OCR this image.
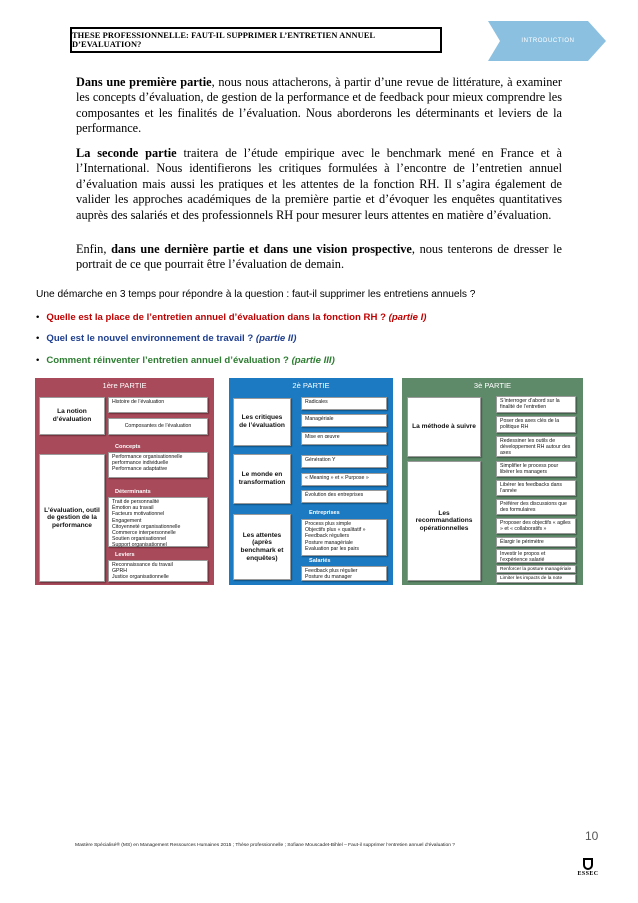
THESE PROFESSIONNELLE: FAUT-IL SUPPRIMER L’ENTRETIEN ANNUEL D’EVALUATION?	INTRODUCTION
Dans une première partie, nous nous attacherons, à partir d’une revue de littérature, à examiner les concepts d’évaluation, de gestion de la performance et de feedback pour mieux comprendre les composantes et les finalités de l’évaluation. Nous aborderons les déterminants et leviers de la performance.
La seconde partie traitera de l’étude empirique avec le benchmark mené en France et à l’International. Nous identifierons les critiques formulées à l’encontre de l’entretien annuel d’évaluation mais aussi les pratiques et les attentes de la fonction RH. Il s’agira également de valider les approches académiques de la première partie et d’évoquer les enquêtes quantitatives auprès des salariés et des professionnels RH pour mesurer leurs attentes en matière d’évaluation.
Enfin, dans une dernière partie et dans une vision prospective, nous tenterons de dresser le portrait de ce que pourrait être l’évaluation de demain.
Une démarche en 3 temps pour répondre à la question : faut-il supprimer les entretiens annuels ?
• Quelle est la place de l’entretien annuel d’évaluation dans la fonction RH ? (partie I)
• Quel est le nouvel environnement de travail ? (partie II)
• Comment réinventer l’entretien annuel d’évaluation ? (partie III)
1ère PARTIE
La notion d’évaluation
Histoire de l’évaluation
Composantes de l’évaluation
Concepts
Performance organisationnelle
performance individuelle
Performance adaptative
Déterminants
L’évaluation, outil de gestion de la performance
Trait de personnalité
Émotion au travail
Facteurs motivationnel
Engagement
Citoyenneté organisationnelle
Commerce interpersonnelle
Soutien organisationnel
Support organisationnel
Leviers
Reconnaissance du travail
GPRH
Justice organisationnelle
2è PARTIE
Les critiques de l’évaluation
Radicales
Managériale
Mise en œuvre
Le monde en transformation
Génération Y
« Meaning » et « Purpose »
Évolution des entreprises
Entreprises
Les attentes (après benchmark et enquêtes)
Process plus simple
Objectifs plus « qualitatif »
Feedback réguliers
Posture managériale
Evaluation par les pairs
Salariés
Feedback plus régulier
Posture du manager
3è PARTIE
La méthode à suivre
S’interroger d’abord sur la finalité de l’entretien
Poser des axes clés de la politique RH
Redessiner les outils de développement RH autour des axes
Les recommandations opérationnelles
Simplifier le process pour libérer les managers
Libérer les feedbacks dans l’année
Préférer des discussions que des formulaires
Proposer des objectifs « agiles » et « collaboratifs »
Élargir le périmètre
Investir le propos et l’expérience salarié
Renforcer la posture managériale
Limiter les impacts de la note
10
Mastère Spécialisé® (MS) en Management Ressources Humaines 2015 ; Thèse professionnelle ; Sofiane Mouscadet-Bihlel – Faut-il supprimer l’entretien annuel d’évaluation ?
ESSEC
